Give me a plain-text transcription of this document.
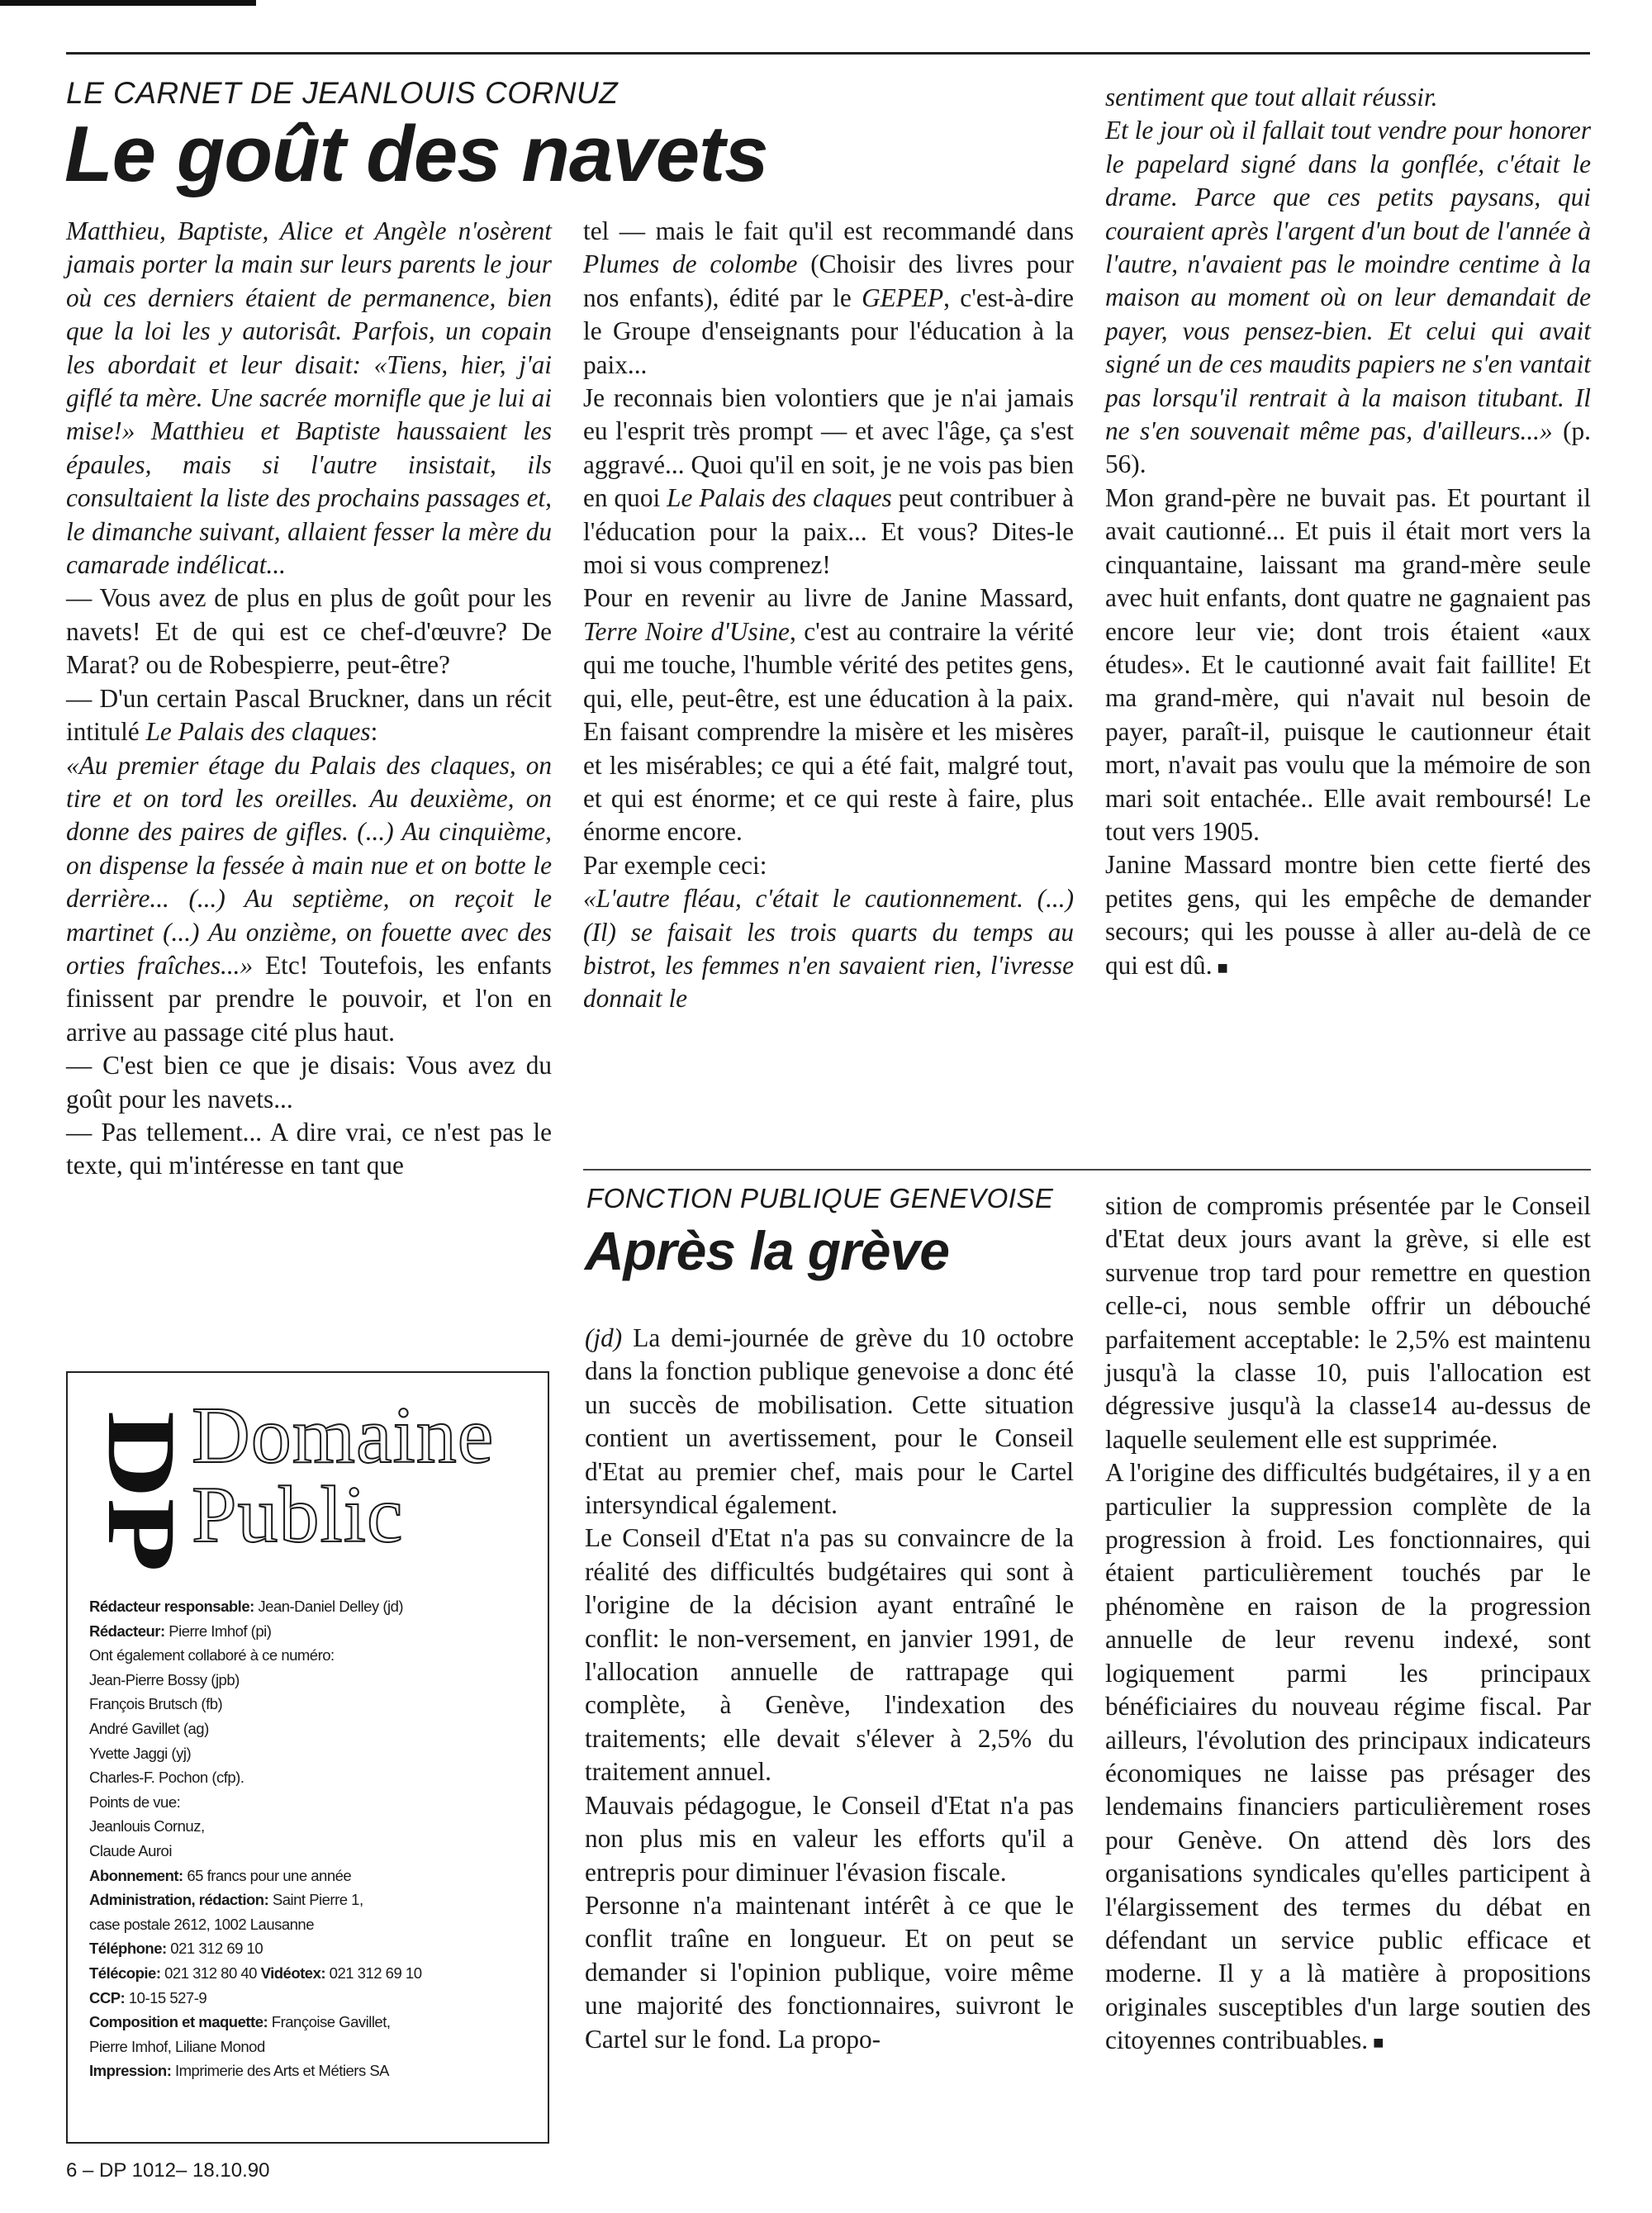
LE CARNET DE JEANLOUIS CORNUZ
Le goût des navets

Matthieu, Baptiste, Alice et Angèle n'osèrent jamais porter la main sur leurs parents le jour où ces derniers étaient de permanence, bien que la loi les y autorisât. Parfois, un copain les abordait et leur disait: «Tiens, hier, j'ai giflé ta mère. Une sacrée mornifle que je lui ai mise!» Matthieu et Baptiste haussaient les épaules, mais si l'autre insistait, ils consultaient la liste des prochains passages et, le dimanche suivant, allaient fesser la mère du camarade indélicat...

— Vous avez de plus en plus de goût pour les navets! Et de qui est ce chef-d'œuvre? De Marat? ou de Robespierre, peut-être?

— D'un certain Pascal Bruckner, dans un récit intitulé Le Palais des claques:

«Au premier étage du Palais des claques, on tire et on tord les oreilles. Au deuxième, on donne des paires de gifles. (...) Au cinquième, on dispense la fessée à main nue et on botte le derrière... (...) Au septième, on reçoit le martinet (...) Au onzième, on fouette avec des orties fraîches...» Etc! Toutefois, les enfants finissent par prendre le pouvoir, et l'on en arrive au passage cité plus haut.

— C'est bien ce que je disais: Vous avez du goût pour les navets...

— Pas tellement... A dire vrai, ce n'est pas le texte, qui m'intéresse en tant que

tel — mais le fait qu'il est recommandé dans Plumes de colombe (Choisir des livres pour nos enfants), édité par le GEPEP, c'est-à-dire le Groupe d'enseignants pour l'éducation à la paix...

Je reconnais bien volontiers que je n'ai jamais eu l'esprit très prompt — et avec l'âge, ça s'est aggravé... Quoi qu'il en soit, je ne vois pas bien en quoi Le Palais des claques peut contribuer à l'éducation pour la paix... Et vous? Dites-le moi si vous comprenez!

Pour en revenir au livre de Janine Massard, Terre Noire d'Usine, c'est au contraire la vérité qui me touche, l'humble vérité des petites gens, qui, elle, peut-être, est une éducation à la paix. En faisant comprendre la misère et les misères et les misérables; ce qui a été fait, malgré tout, et qui est énorme; et ce qui reste à faire, plus énorme encore.

Par exemple ceci:

«L'autre fléau, c'était le cautionnement. (...) (Il) se faisait les trois quarts du temps au bistrot, les femmes n'en savaient rien, l'ivresse donnait le

sentiment que tout allait réussir.

Et le jour où il fallait tout vendre pour honorer le papelard signé dans la gonflée, c'était le drame. Parce que ces petits paysans, qui couraient après l'argent d'un bout de l'année à l'autre, n'avaient pas le moindre centime à la maison au moment où on leur demandait de payer, vous pensez-bien. Et celui qui avait signé un de ces maudits papiers ne s'en vantait pas lorsqu'il rentrait à la maison titubant. Il ne s'en souvenait même pas, d'ailleurs...» (p. 56).

Mon grand-père ne buvait pas. Et pourtant il avait cautionné... Et puis il était mort vers la cinquantaine, laissant ma grand-mère seule avec huit enfants, dont quatre ne gagnaient pas encore leur vie; dont trois étaient «aux études». Et le cautionné avait fait faillite! Et ma grand-mère, qui n'avait nul besoin de payer, paraît-il, puisque le cautionneur était mort, n'avait pas voulu que la mémoire de son mari soit entachée.. Elle avait remboursé! Le tout vers 1905.

Janine Massard montre bien cette fierté des petites gens, qui les empêche de demander secours; qui les pousse à aller au-delà de ce qui est dû. ■

FONCTION PUBLIQUE GENEVOISE
Après la grève

(jd) La demi-journée de grève du 10 octobre dans la fonction publique genevoise a donc été un succès de mobilisation. Cette situation contient un avertissement, pour le Conseil d'Etat au premier chef, mais pour le Cartel intersyndical également.

Le Conseil d'Etat n'a pas su convaincre de la réalité des difficultés budgétaires qui sont à l'origine de la décision ayant entraîné le conflit: le non-versement, en janvier 1991, de l'allocation annuelle de rattrapage qui complète, à Genève, l'indexation des traitements; elle devait s'élever à 2,5% du traitement annuel.

Mauvais pédagogue, le Conseil d'Etat n'a pas non plus mis en valeur les efforts qu'il a entrepris pour diminuer l'évasion fiscale.

Personne n'a maintenant intérêt à ce que le conflit traîne en longueur. Et on peut se demander si l'opinion publique, voire même une majorité des fonctionnaires, suivront le Cartel sur le fond. La propo-

sition de compromis présentée par le Conseil d'Etat deux jours avant la grève, si elle est survenue trop tard pour remettre en question celle-ci, nous semble offrir un débouché parfaitement acceptable: le 2,5% est maintenu jusqu'à la classe 10, puis l'allocation est dégressive jusqu'à la classe14 au-dessus de laquelle seulement elle est supprimée.

A l'origine des difficultés budgétaires, il y a en particulier la suppression complète de la progression à froid. Les fonctionnaires, qui étaient particulièrement touchés par le phénomène en raison de la progression annuelle de leur revenu indexé, sont logiquement parmi les principaux bénéficiaires du nouveau régime fiscal. Par ailleurs, l'évolution des principaux indicateurs économiques ne laisse pas présager des lendemains financiers particulièrement roses pour Genève. On attend dès lors des organisations syndicales qu'elles participent à l'élargissement des termes du débat en défendant un service public efficace et moderne. Il y a là matière à propositions originales susceptibles d'un large soutien des citoyennes contribuables. ■

DP
Domaine
Public

Rédacteur responsable: Jean-Daniel Delley (jd)

Rédacteur: Pierre Imhof (pi)

Ont également collaboré à ce numéro:

Jean-Pierre Bossy (jpb)

François Brutsch (fb)

André Gavillet (ag)

Yvette Jaggi (yj)

Charles-F. Pochon (cfp).

Points de vue:

Jeanlouis Cornuz,

Claude Auroi

Abonnement: 65 francs pour une année

Administration, rédaction: Saint Pierre 1,

case postale 2612, 1002 Lausanne

Téléphone: 021 312 69 10

Télécopie: 021 312 80 40 Vidéotex: 021 312 69 10

CCP: 10-15 527-9

Composition et maquette: Françoise Gavillet,

Pierre Imhof, Liliane Monod

Impression: Imprimerie des Arts et Métiers SA

6 – DP 1012– 18.10.90
